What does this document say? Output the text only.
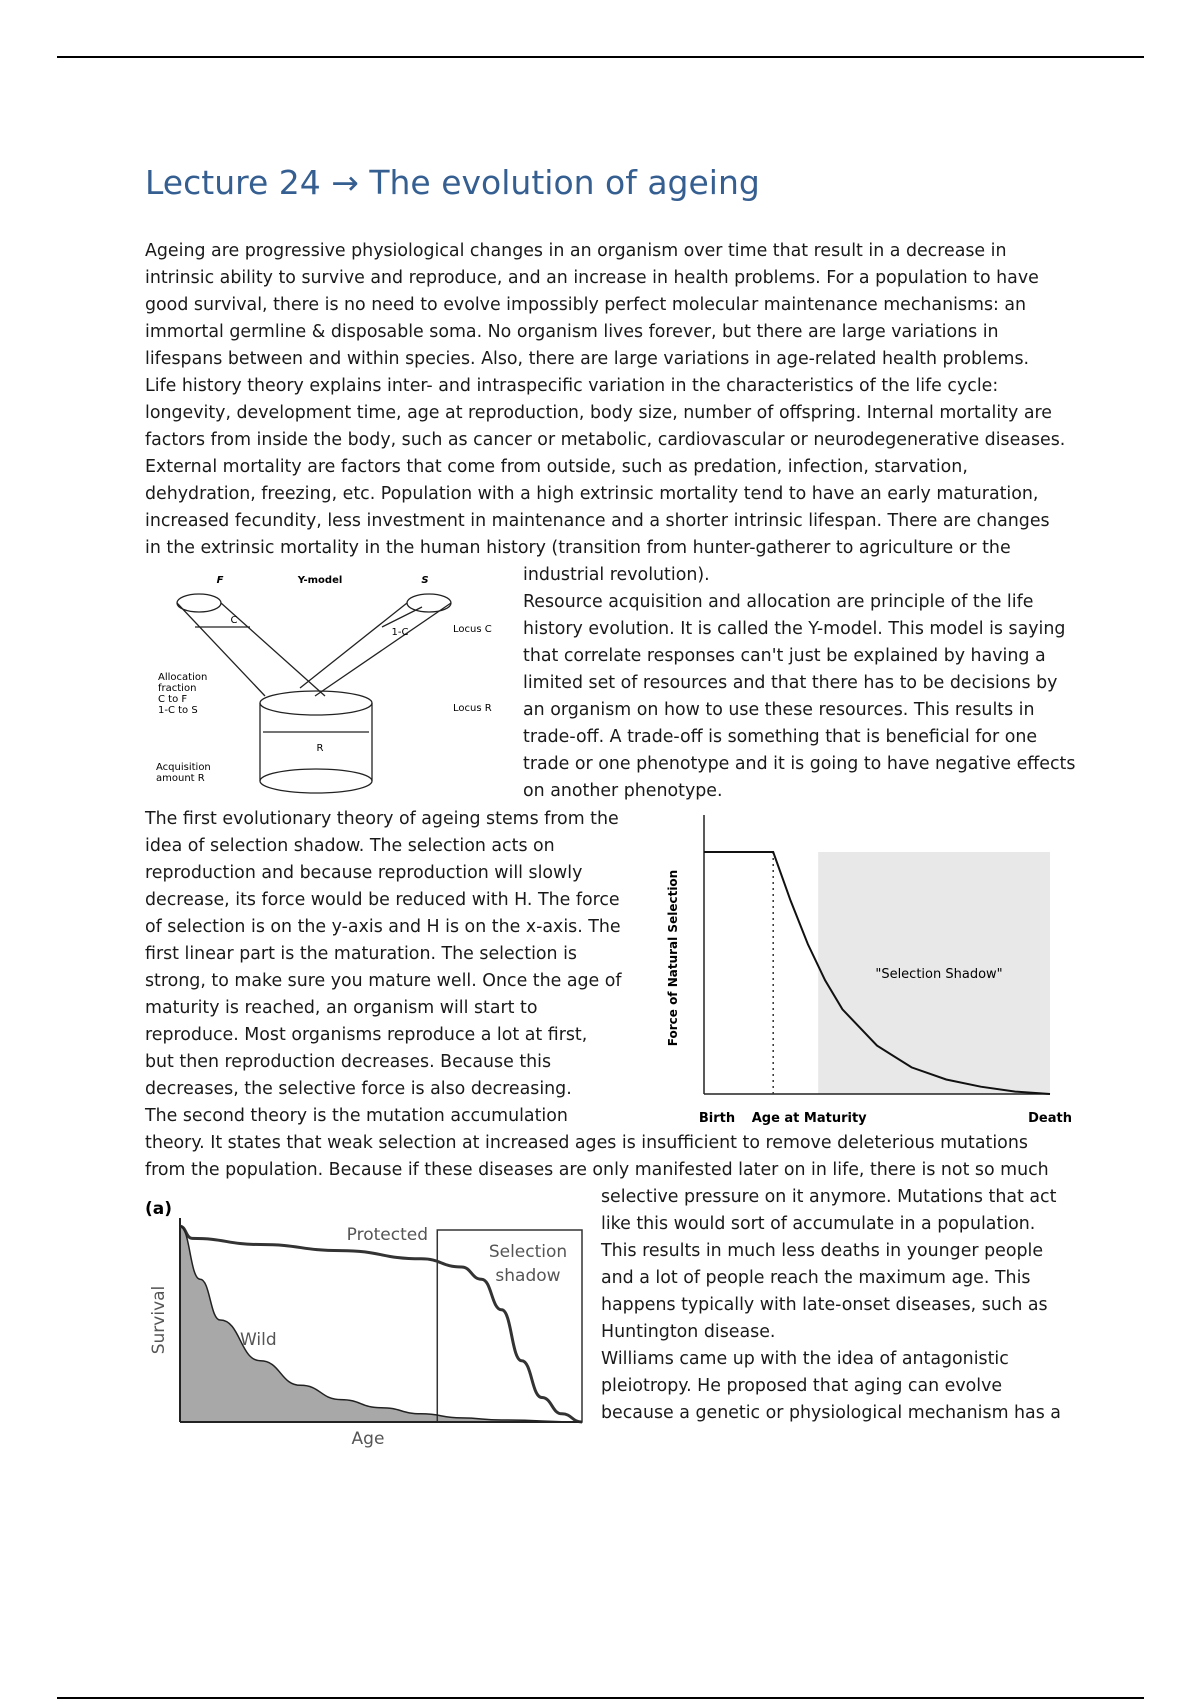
Lecture 24 → The evolution of ageing
Ageing are progressive physiological changes in an organism over time that result in a decrease in
intrinsic ability to survive and reproduce, and an increase in health problems. For a population to have
good survival, there is no need to evolve impossibly perfect molecular maintenance mechanisms: an
immortal germline & disposable soma. No organism lives forever, but there are large variations in
lifespans between and within species. Also, there are large variations in age-related health problems.
Life history theory explains inter- and intraspecific variation in the characteristics of the life cycle:
longevity, development time, age at reproduction, body size, number of offspring. Internal mortality are
factors from inside the body, such as cancer or metabolic, cardiovascular or neurodegenerative diseases.
External mortality are factors that come from outside, such as predation, infection, starvation,
dehydration, freezing, etc. Population with a high extrinsic mortality tend to have an early maturation,
increased fecundity, less investment in maintenance and a shorter intrinsic lifespan. There are changes
in the extrinsic mortality in the human history (transition from hunter-gatherer to agriculture or the
F	Y-model	S
C
1-C
R
Locus C
Locus R
Allocation
fraction
C to F
1-C to S
Acquisition
amount R
industrial revolution).
Resource acquisition and allocation are principle of the life
history evolution. It is called the Y-model. This model is saying
that correlate responses can't just be explained by having a
limited set of resources and that there has to be decisions by
an organism on how to use these resources. This results in
trade-off. A trade-off is something that is beneficial for one
trade or one phenotype and it is going to have negative effects
on another phenotype.
The first evolutionary theory of ageing stems from the
idea of selection shadow. The selection acts on
reproduction and because reproduction will slowly
decrease, its force would be reduced with H. The force
of selection is on the y-axis and H is on the x-axis. The
first linear part is the maturation. The selection is
strong, to make sure you mature well. Once the age of
maturity is reached, an organism will start to
reproduce. Most organisms reproduce a lot at first,
but then reproduction decreases. Because this
decreases, the selective force is also decreasing.
The second theory is the mutation accumulation
Force of Natural Selection	"Selection Shadow"
Birth Age at Maturity	Death
theory. It states that weak selection at increased ages is insufficient to remove deleterious mutations
from the population. Because if these diseases are only manifested later on in life, there is not so much
(a)
Protected
Wild
Selection
shadow
Age
Survival
selective pressure on it anymore. Mutations that act
like this would sort of accumulate in a population.
This results in much less deaths in younger people
and a lot of people reach the maximum age. This
happens typically with late-onset diseases, such as
Huntington disease.
Williams came up with the idea of antagonistic
pleiotropy. He proposed that aging can evolve
because a genetic or physiological mechanism has a
